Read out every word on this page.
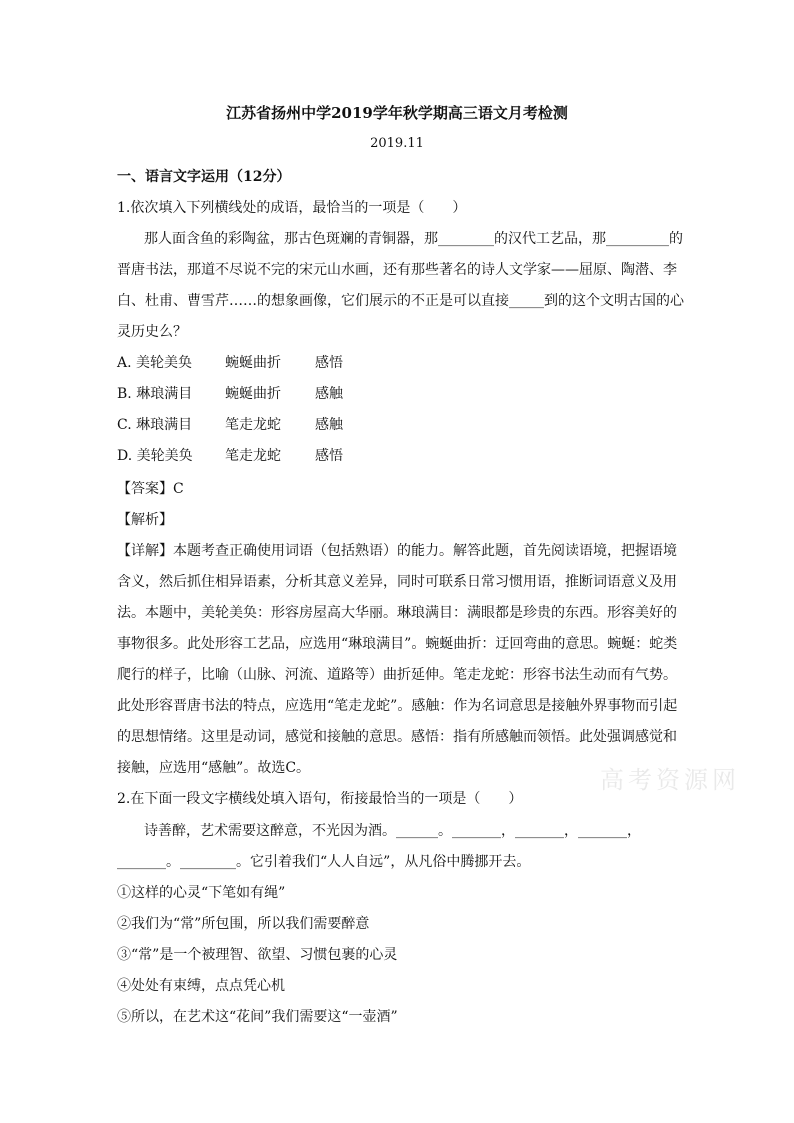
江苏省扬州中学2019学年秋学期高三语文月考检测
2019.11
一、语言文字运用（12分）
1.依次填入下列横线处的成语，最恰当的一项是（　　）
那人面含鱼的彩陶盆，那古色斑斓的青铜器，那________的汉代工艺品，那_________的
晋唐书法，那道不尽说不完的宋元山水画，还有那些著名的诗人文学家——屈原、陶潜、李
白、杜甫、曹雪芹……的想象画像，它们展示的不正是可以直接_____到的这个文明古国的心
灵历史么？
A. 美轮美奂 蜿蜒曲折 感悟
B. 琳琅满目 蜿蜒曲折 感触
C. 琳琅满目 笔走龙蛇 感触
D. 美轮美奂 笔走龙蛇 感悟
【答案】C
【解析】
【详解】本题考查正确使用词语（包括熟语）的能力。解答此题，首先阅读语境，把握语境
含义，然后抓住相异语素，分析其意义差异，同时可联系日常习惯用语，推断词语意义及用
法。本题中，美轮美奂：形容房屋高大华丽。琳琅满目：满眼都是珍贵的东西。形容美好的
事物很多。此处形容工艺品，应选用“琳琅满目”。蜿蜒曲折：迂回弯曲的意思。蜿蜒：蛇类
爬行的样子，比喻（山脉、河流、道路等）曲折延伸。笔走龙蛇：形容书法生动而有气势。
此处形容晋唐书法的特点，应选用“笔走龙蛇”。感触：作为名词意思是接触外界事物而引起
的思想情绪。这里是动词，感觉和接触的意思。感悟：指有所感触而领悟。此处强调感觉和
接触，应选用“感触”。故选C。	高考资源网
2.在下面一段文字横线处填入语句，衔接最恰当的一项是（　　）
诗善醉，艺术需要这醉意，不光因为酒。______。_______，_______，_______，
_______。________。它引着我们“人人自远”，从凡俗中腾挪开去。
①这样的心灵“下笔如有绳”
②我们为“常”所包围，所以我们需要醉意
③“常”是一个被理智、欲望、习惯包裹的心灵
④处处有束缚，点点凭心机
⑤所以，在艺术这“花间”我们需要这“一壶酒”
